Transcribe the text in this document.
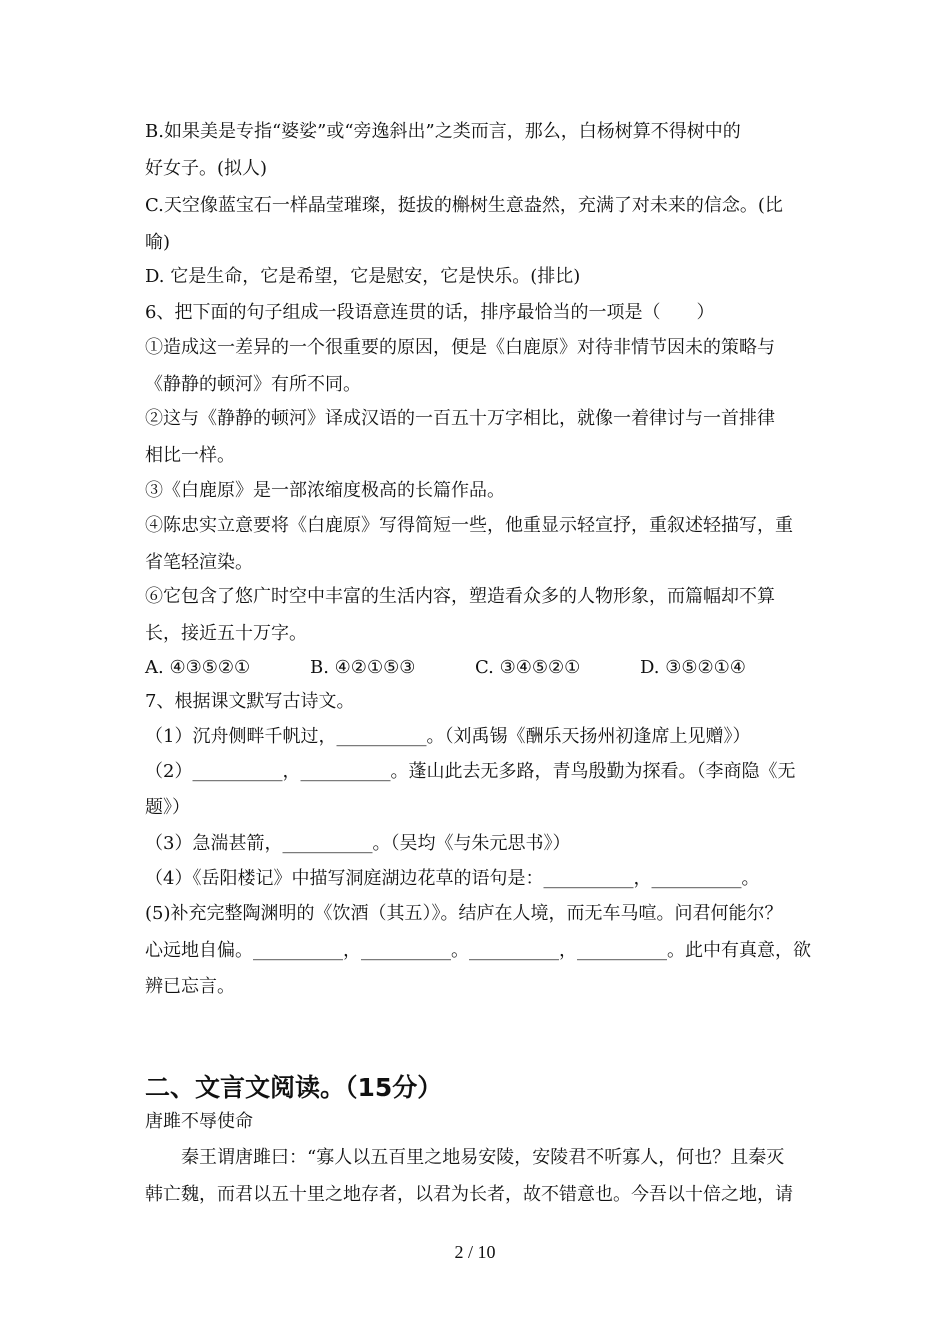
B.如果美是专指“婆娑”或“旁逸斜出”之类而言，那么，白杨树算不得树中的
好女子。(拟人)
C.天空像蓝宝石一样晶莹璀璨，挺拔的槲树生意盎然，充满了对未来的信念。(比
喻)
D. 它是生命，它是希望，它是慰安，它是快乐。(排比)
6、把下面的句子组成一段语意连贯的话，排序最恰当的一项是（　　）
①造成这一差异的一个很重要的原因，便是《白鹿原》对待非情节因未的策略与
《静静的顿河》有所不同。
②这与《静静的顿河》译成汉语的一百五十万字相比，就像一着律讨与一首排律
相比一样。
③《白鹿原》是一部浓缩度极高的长篇作品。
④陈忠实立意要将《白鹿原》写得简短一些，他重显示轻宣抒，重叙述轻描写，重
省笔轻渲染。
⑥它包含了悠广时空中丰富的生活内容，塑造看众多的人物形象，而篇幅却不算
长，接近五十万字。
A. ④③⑤②①	B. ④②①⑤③	C. ③④⑤②①	D. ③⑤②①④
7、根据课文默写古诗文。
（1）沉舟侧畔千帆过，__________。（刘禹锡《酬乐天扬州初逢席上见赠》）
（2）__________，__________。蓬山此去无多路，青鸟殷勤为探看。（李商隐《无
题》）
（3）急湍甚箭，__________。（吴均《与朱元思书》）
（4）《岳阳楼记》中描写洞庭湖边花草的语句是：__________，__________。
(5)补充完整陶渊明的《饮酒（其五）》。结庐在人境，而无车马喧。问君何能尔？
心远地自偏。__________，__________。__________，__________。此中有真意，欲
辨已忘言。
二、文言文阅读。（15分）
唐雎不辱使命
　　秦王谓唐雎曰：“寡人以五百里之地易安陵，安陵君不听寡人，何也？且秦灭
韩亡魏，而君以五十里之地存者，以君为长者，故不错意也。今吾以十倍之地，请
2 / 10
